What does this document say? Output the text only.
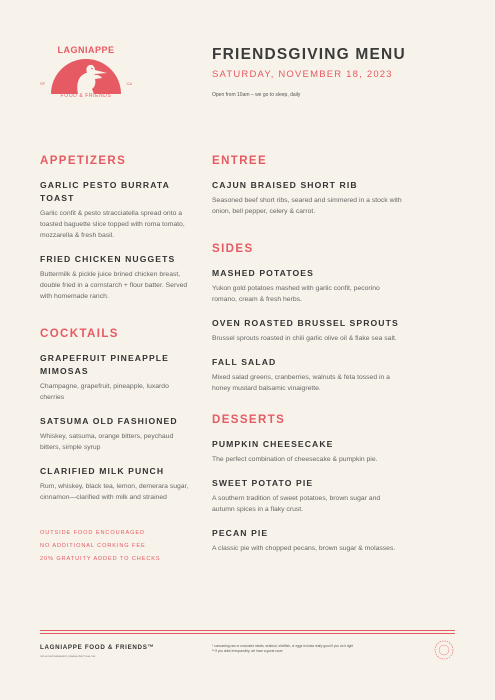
LAGNIAPPE
SF	CA
FOOD & FRIENDS
FRIENDSGIVING MENU
SATURDAY, NOVEMBER 18, 2023
Open from 10am – we go to sleep, daily
APPETIZERS
GARLIC PESTO BURRATA TOAST
Garlic confit & pesto stracciatella spread onto a toasted baguette slice topped with roma tomato, mozzarella & fresh basil.
FRIED CHICKEN NUGGETS
Buttermilk & pickle juice brined chicken breast, double fried in a cornstarch + flour batter. Served with homemade ranch.
COCKTAILS
GRAPEFRUIT PINEAPPLE MIMOSAS
Champagne, grapefruit, pineapple, luxardo cherries
SATSUMA OLD FASHIONED
Whiskey, satsuma, orange bitters, peychaud bitters, simple syrup
CLARIFIED MILK PUNCH
Rum, whiskey, black tea, lemon, demerara sugar, cinnamon—clarified with milk and strained
OUTSIDE FOOD ENCOURAGED
NO ADDITIONAL CORKING FEE
20% GRATUITY ADDED TO CHECKS
ENTREE
CAJUN BRAISED SHORT RIB
Seasoned beef short ribs, seared and simmered in a stock with onion, bell pepper, celery & carrot.
SIDES
MASHED POTATOES
Yukon gold potatoes mashed with garlic confit, pecorino romano, cream & fresh herbs.
OVEN ROASTED BRUSSEL SPROUTS
Brussel sprouts roasted in chili garlic olive oil & flake sea salt.
FALL SALAD
Mixed salad greens, cranberries, walnuts & feta tossed in a honey mustard balsamic vinaigrette.
DESSERTS
PUMPKIN CHEESECAKE
The perfect combination of cheesecake & pumpkin pie.
SWEET POTATO PIE
A southern tradition of sweet potatoes, brown sugar and autumn spices in a flaky crust.
PECAN PIE
A classic pie with chopped pecans, brown sugar & molasses.
LAGNIAPPE FOOD & FRIENDS™
not a real restaurant, please don't sue me
* consuming raw or uncooked meats, seafood, shellfish, or eggs is kinda really good if you do it right
** if you drink irresponsibly, we have a guest room
